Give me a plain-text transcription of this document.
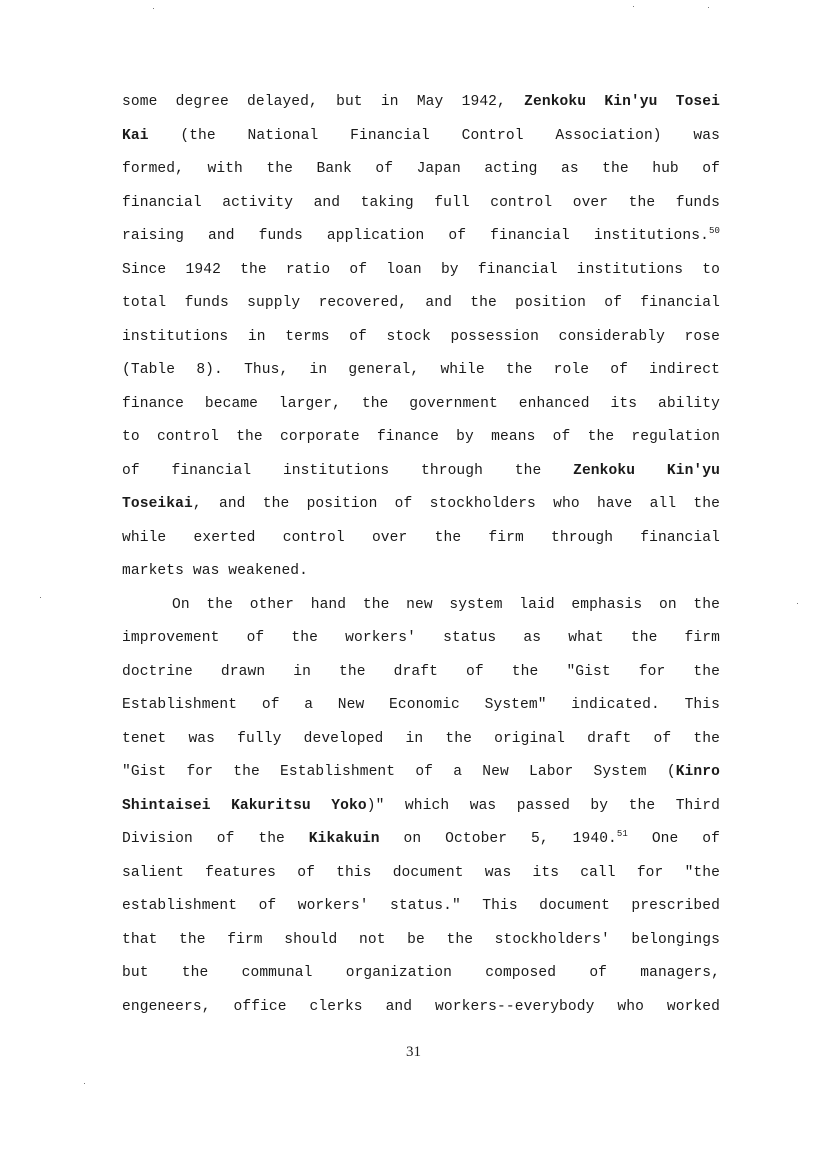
some degree delayed, but in May 1942, Zenkoku Kin'yu Tosei
Kai (the National Financial Control Association) was
formed, with the Bank of Japan acting as the hub of
financial activity and taking full control over the funds
raising and funds application of financial institutions.$^{50}$
Since 1942 the ratio of loan by financial institutions to
total funds supply recovered, and the position of financial
institutions in terms of stock possession considerably rose
(Table 8). Thus, in general, while the role of indirect
finance became larger, the government enhanced its ability
to control the corporate finance by means of the regulation
of financial institutions through the Zenkoku Kin'yu
Toseikai, and the position of stockholders who have all the
while exerted control over the firm through financial
markets was weakened.
On the other hand the new system laid emphasis on the
improvement of the workers' status as what the firm
doctrine drawn in the draft of the "Gist for the
Establishment of a New Economic System" indicated. This
tenet was fully developed in the original draft of the
"Gist for the Establishment of a New Labor System (Kinro
Shintaisei Kakuritsu Yoko)" which was passed by the Third
Division of the Kikakuin on October 5, 1940.51 One of
salient features of this document was its call for "the
establishment of workers' status." This document prescribed
that the firm should not be the stockholders' belongings
but the communal organization composed of managers,
engeneers, office clerks and workers--everybody who worked
31
